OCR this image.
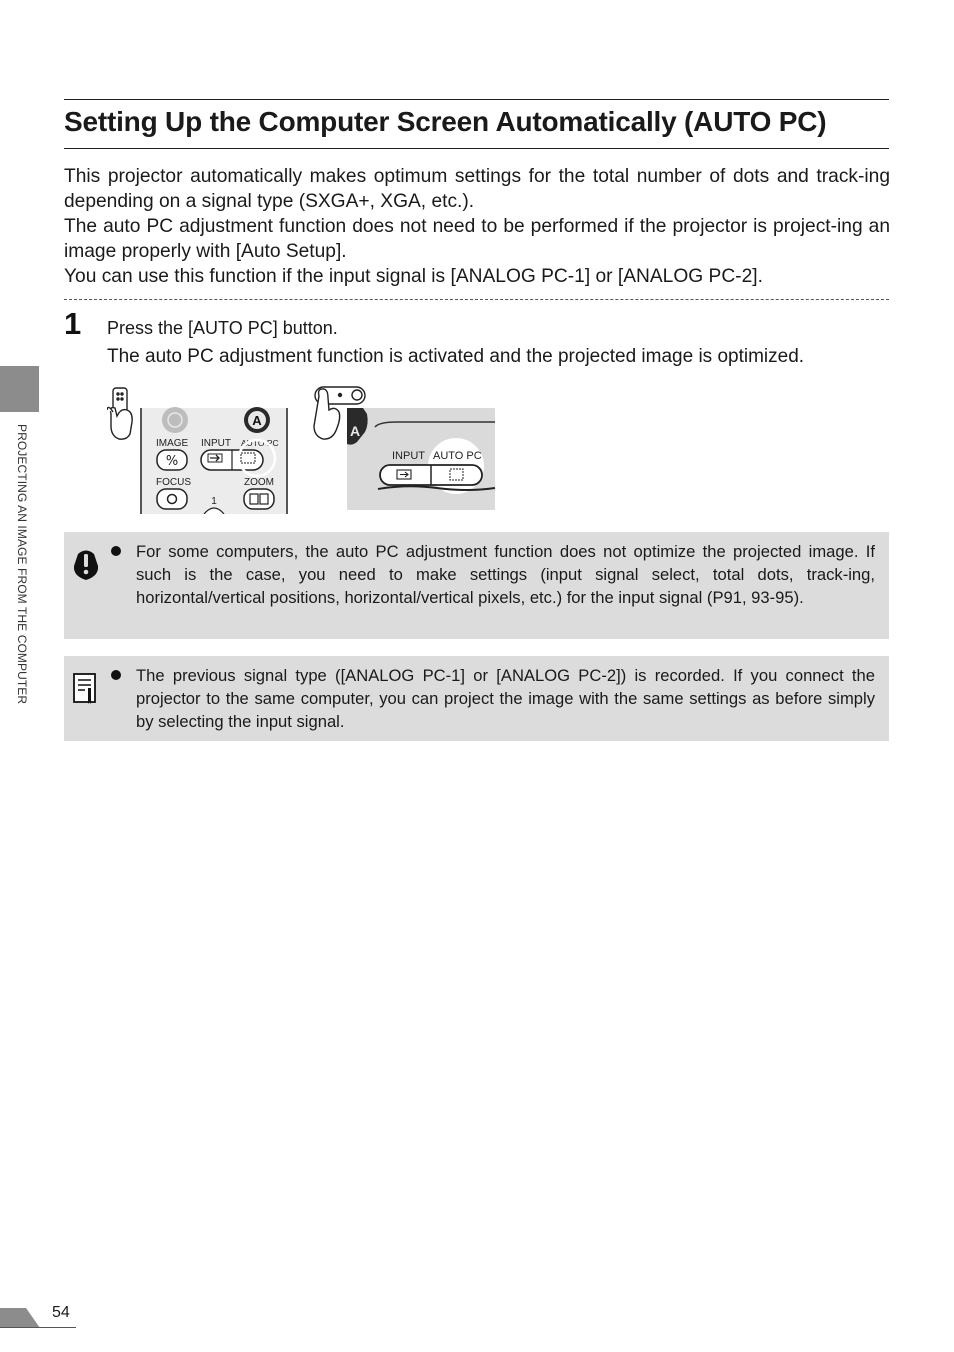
Setting Up the Computer Screen Automatically (AUTO PC)

This projector automatically makes optimum settings for the total number of dots and track-ing depending on a signal type (SXGA+, XGA, etc.).

The auto PC adjustment function does not need to be performed if the projector is project-ing an image properly with [Auto Setup].

You can use this function if the input signal is [ANALOG PC-1] or [ANALOG PC-2].

1 Press the [AUTO PC] button.
The auto PC adjustment function is activated and the projected image is optimized.
A
IMAGE INPUT AUTO PC
%
FOCUS	ZOOM
1
A
INPUT AUTO PC

For some computers, the auto PC adjustment function does not optimize the projected image. If such is the case, you need to make settings (input signal select, total dots, track-ing, horizontal/vertical positions, horizontal/vertical pixels, etc.) for the input signal (P91, 93-95).

The previous signal type ([ANALOG PC-1] or [ANALOG PC-2]) is recorded. If you connect the projector to the same computer, you can project the image with the same settings as before simply by selecting the input signal.

PROJECTING AN IMAGE FROM THE COMPUTER
54
